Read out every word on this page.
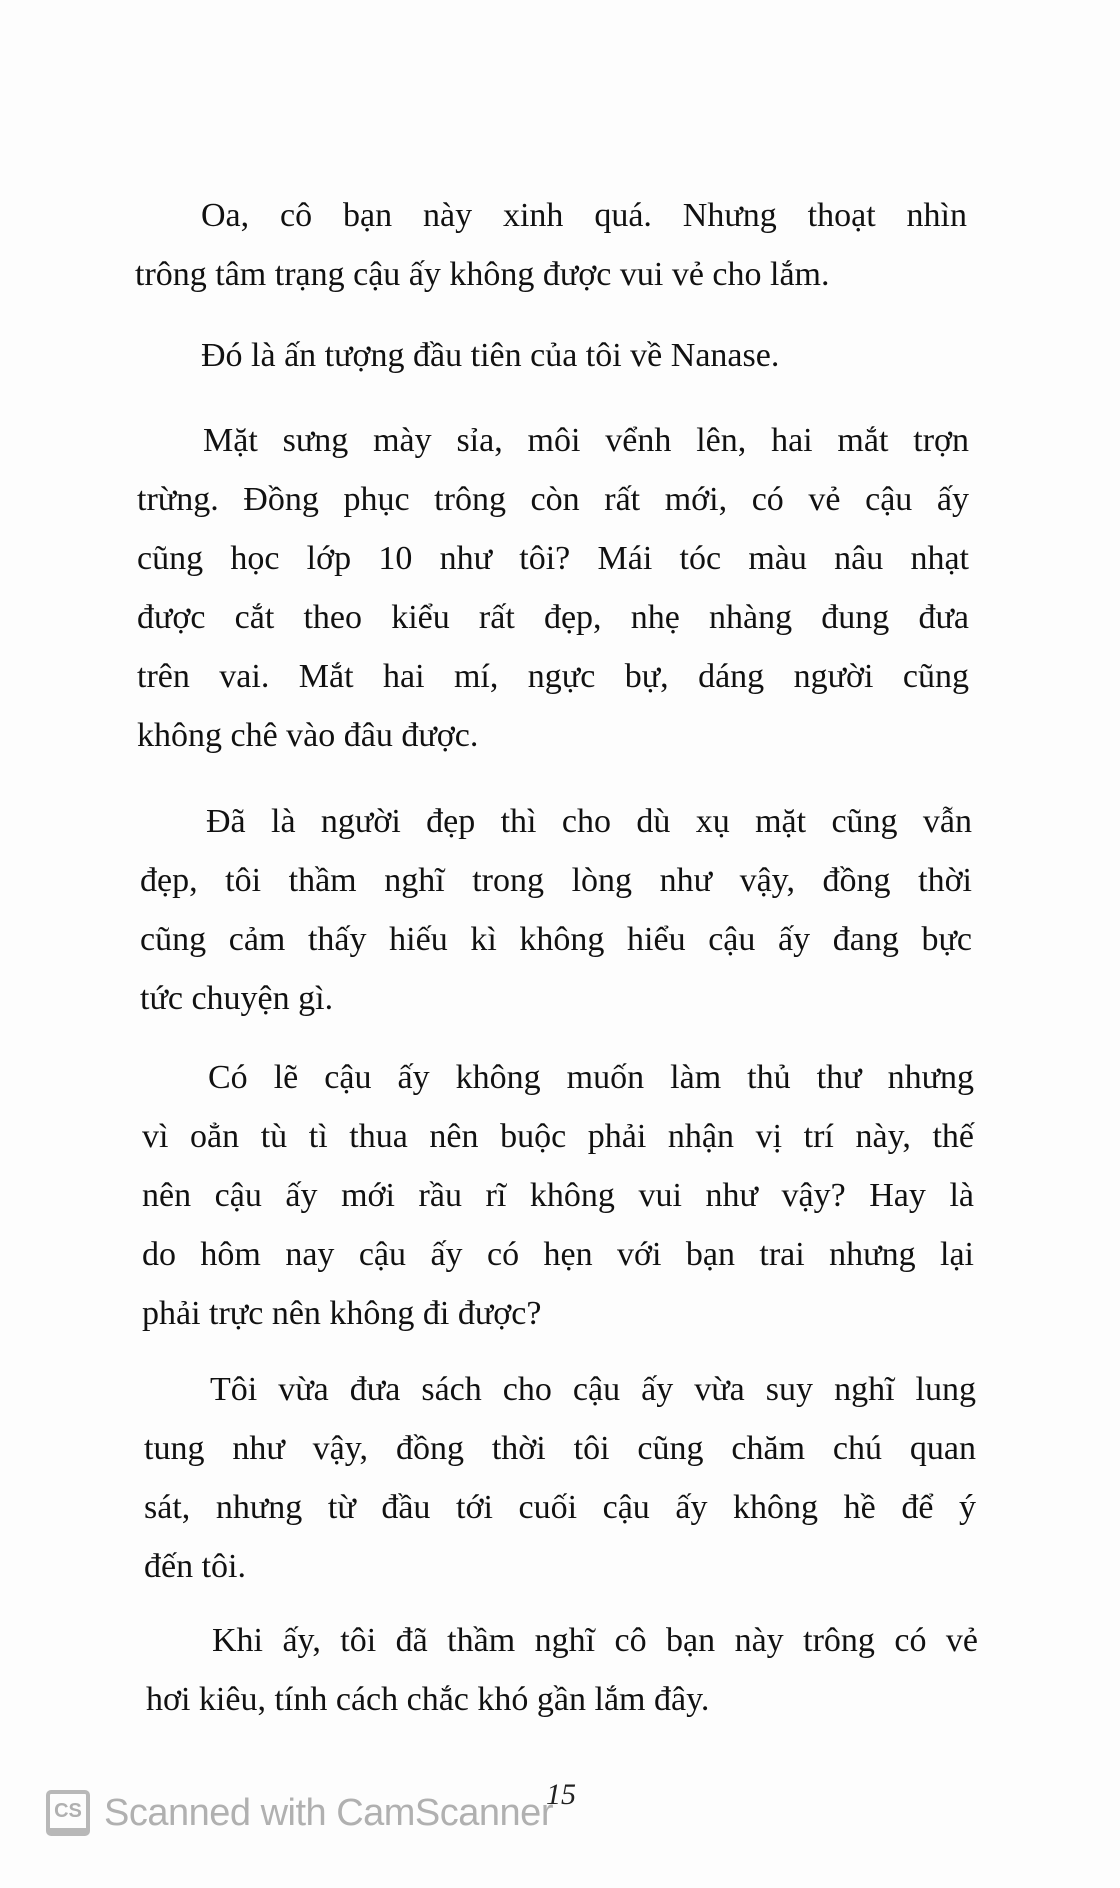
Oa, cô bạn này xinh quá. Nhưng thoạt nhìn
trông tâm trạng cậu ấy không được vui vẻ cho lắm.
Đó là ấn tượng đầu tiên của tôi về Nanase.
Mặt sưng mày sỉa, môi vểnh lên, hai mắt trợn
trừng. Đồng phục trông còn rất mới, có vẻ cậu ấy
cũng học lớp 10 như tôi? Mái tóc màu nâu nhạt
được cắt theo kiểu rất đẹp, nhẹ nhàng đung đưa
trên vai. Mắt hai mí, ngực bự, dáng người cũng
không chê vào đâu được.
Đã là người đẹp thì cho dù xụ mặt cũng vẫn
đẹp, tôi thầm nghĩ trong lòng như vậy, đồng thời
cũng cảm thấy hiếu kì không hiểu cậu ấy đang bực
tức chuyện gì.
Có lẽ cậu ấy không muốn làm thủ thư nhưng
vì oẳn tù tì thua nên buộc phải nhận vị trí này, thế
nên cậu ấy mới rầu rĩ không vui như vậy? Hay là
do hôm nay cậu ấy có hẹn với bạn trai nhưng lại
phải trực nên không đi được?
Tôi vừa đưa sách cho cậu ấy vừa suy nghĩ lung
tung như vậy, đồng thời tôi cũng chăm chú quan
sát, nhưng từ đầu tới cuối cậu ấy không hề để ý
đến tôi.
Khi ấy, tôi đã thầm nghĩ cô bạn này trông có vẻ
hơi kiêu, tính cách chắc khó gần lắm đây.
15
CS Scanned with CamScanner
